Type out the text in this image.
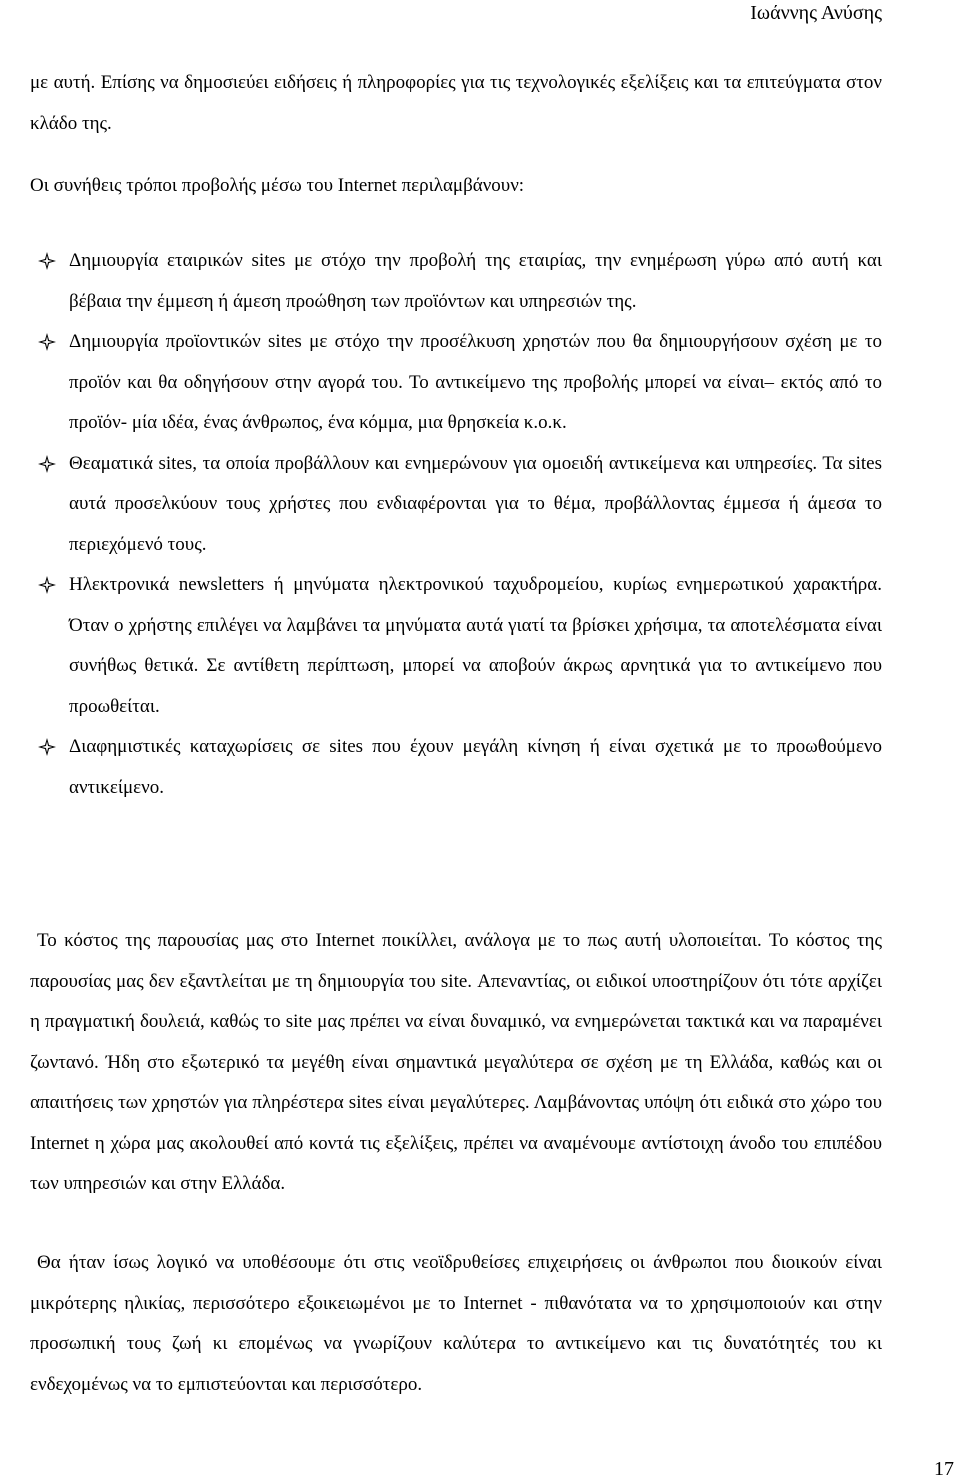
Ιωάννης Ανύσης

με αυτή. Επίσης να δημοσιεύει ειδήσεις ή πληροφορίες για τις τεχνολογικές εξελίξεις και τα επιτεύγματα στον κλάδο της.

Οι συνήθεις τρόποι προβολής μέσω του Internet περιλαμβάνουν:

Δημιουργία εταιρικών sites με στόχο την προβολή της εταιρίας, την ενημέρωση γύρω από αυτή και βέβαια την έμμεση ή άμεση προώθηση των προϊόντων και υπηρεσιών της.
Δημιουργία προϊοντικών sites με στόχο την προσέλκυση χρηστών που θα δημιουργήσουν σχέση με το προϊόν και θα οδηγήσουν στην αγορά του. Το αντικείμενο της προβολής μπορεί να είναι– εκτός από το προϊόν- μία ιδέα, ένας άνθρωπος, ένα κόμμα, μια θρησκεία κ.ο.κ.
Θεαματικά sites, τα οποία προβάλλουν και ενημερώνουν για ομοειδή αντικείμενα και υπηρεσίες. Τα sites αυτά προσελκύουν τους χρήστες που ενδιαφέρονται για το θέμα, προβάλλοντας έμμεσα ή άμεσα το περιεχόμενό τους.
Ηλεκτρονικά newsletters ή μηνύματα ηλεκτρονικού ταχυδρομείου, κυρίως ενημερωτικού χαρακτήρα. Όταν ο χρήστης επιλέγει να λαμβάνει τα μηνύματα αυτά γιατί τα βρίσκει χρήσιμα, τα αποτελέσματα είναι συνήθως θετικά. Σε αντίθετη περίπτωση, μπορεί να αποβούν άκρως αρνητικά για το αντικείμενο που προωθείται.
Διαφημιστικές καταχωρίσεις σε sites που έχουν μεγάλη κίνηση ή είναι σχετικά με το προωθούμενο αντικείμενο.

Το κόστος της παρουσίας μας στο Internet ποικίλλει, ανάλογα με το πως αυτή υλοποιείται. Το κόστος της παρουσίας μας δεν εξαντλείται με τη δημιουργία του site. Απεναντίας, οι ειδικοί υποστηρίζουν ότι τότε αρχίζει η πραγματική δουλειά, καθώς το site μας πρέπει να είναι δυναμικό, να ενημερώνεται τακτικά και να παραμένει ζωντανό. Ήδη στο εξωτερικό τα μεγέθη είναι σημαντικά μεγαλύτερα σε σχέση με τη Ελλάδα, καθώς και οι απαιτήσεις των χρηστών για πληρέστερα sites είναι μεγαλύτερες. Λαμβάνοντας υπόψη ότι ειδικά στο χώρο του Internet η χώρα μας ακολουθεί από κοντά τις εξελίξεις, πρέπει να αναμένουμε αντίστοιχη άνοδο του επιπέδου των υπηρεσιών και στην Ελλάδα.

Θα ήταν ίσως λογικό να υποθέσουμε ότι στις νεοϊδρυθείσες επιχειρήσεις οι άνθρωποι που διοικούν είναι μικρότερης ηλικίας, περισσότερο εξοικειωμένοι με το Internet - πιθανότατα να το χρησιμοποιούν και στην προσωπική τους ζωή κι επομένως να γνωρίζουν καλύτερα το αντικείμενο και τις δυνατότητές του κι ενδεχομένως να το εμπιστεύονται και περισσότερο.

17
